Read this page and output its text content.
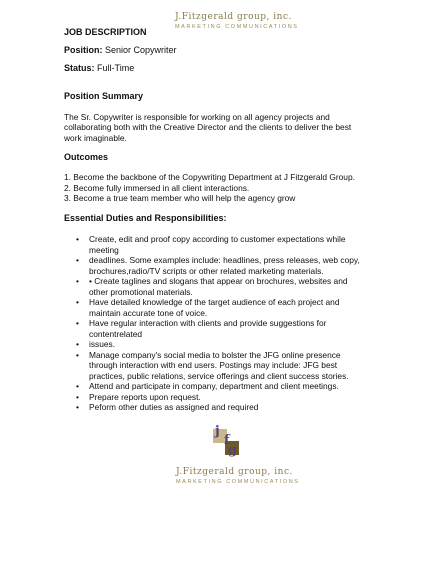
J.Fitzgerald group, inc.
MARKETING COMMUNICATIONS
JOB DESCRIPTION
Position: Senior Copywriter
Status: Full-Time
Position Summary
The Sr. Copywriter is responsible for working on all agency projects and collaborating both with the Creative Director and the clients to deliver the best work imaginable.
Outcomes
1. Become the backbone of the Copywriting Department at J Fitzgerald Group.
2. Become fully immersed in all client interactions.
3. Become a true team member who will help the agency grow
Essential Duties and Responsibilities:
•	Create, edit and proof copy according to customer expectations while meeting
•	deadlines. Some examples include: headlines, press releases, web copy, brochures,radio/TV scripts or other related marketing materials.
•	• Create taglines and slogans that appear on brochures, websites and other promotional materials.
•	Have detailed knowledge of the target audience of each project and maintain accurate tone of voice.
•	Have regular interaction with clients and provide suggestions for contentrelated
•	issues.
•	Manage company's social media to bolster the JFG online presence through interaction with end users. Postings may include: JFG best practices, public relations, service offerings and client success stories.
•	Attend and participate in company, department and client meetings.
•	Prepare reports upon request.
•	Peform other duties as assigned and required
j
f
g
J.Fitzgerald group, inc.
MARKETING COMMUNICATIONS
